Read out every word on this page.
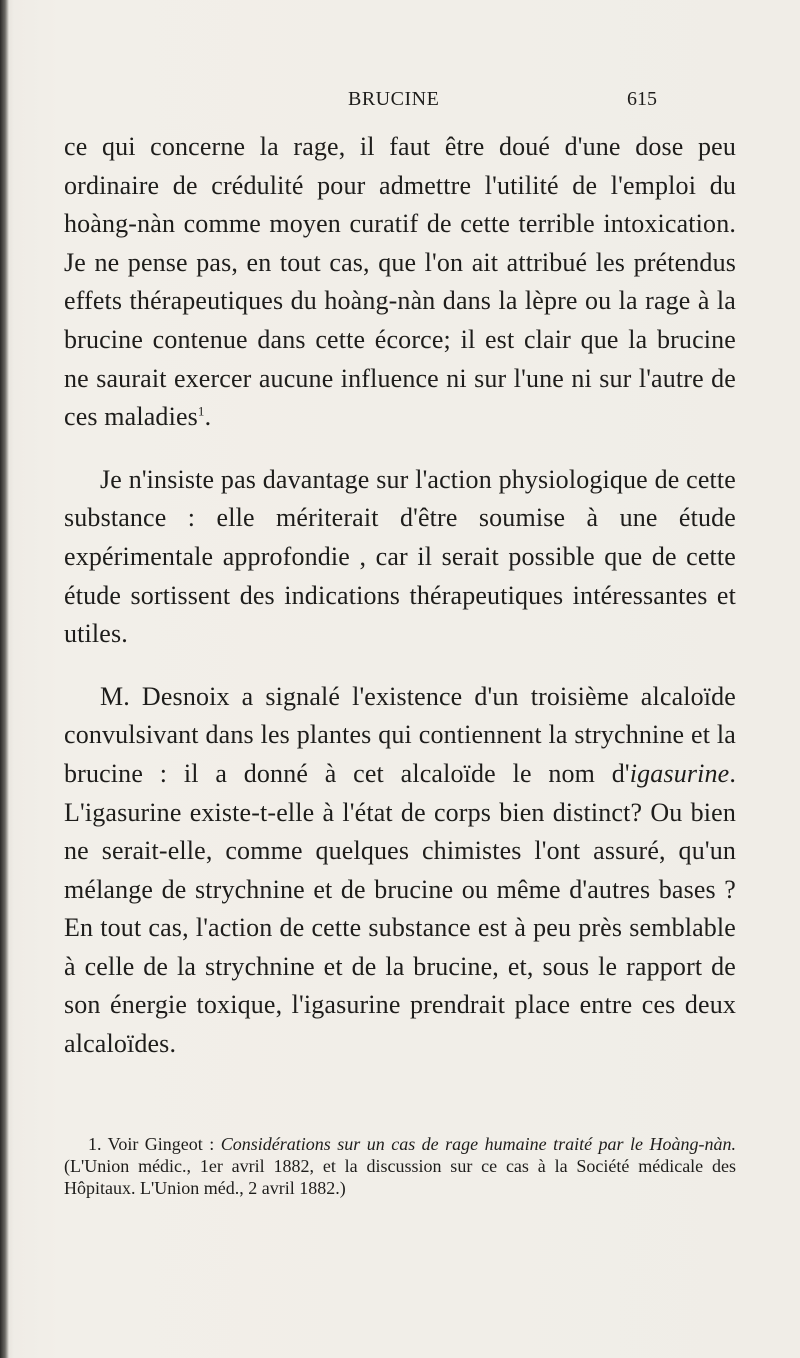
BRUCINE	615

ce qui concerne la rage, il faut être doué d'une dose peu ordinaire de crédulité pour admettre l'utilité de l'emploi du hoàng-nàn comme moyen curatif de cette terrible intoxication. Je ne pense pas, en tout cas, que l'on ait attribué les prétendus effets thérapeutiques du hoàng-nàn dans la lèpre ou la rage à la brucine contenue dans cette écorce; il est clair que la brucine ne saurait exercer aucune influence ni sur l'une ni sur l'autre de ces maladies$^1$.

Je n'insiste pas davantage sur l'action physiologique de cette substance : elle mériterait d'être soumise à une étude expérimentale approfondie , car il serait possible que de cette étude sortissent des indications thérapeutiques intéressantes et utiles.

M. Desnoix a signalé l'existence d'un troisième alcaloïde convulsivant dans les plantes qui contiennent la strychnine et la brucine : il a donné à cet alcaloïde le nom d'igasurine. L'igasurine existe-t-elle à l'état de corps bien distinct? Ou bien ne serait-elle, comme quelques chimistes l'ont assuré, qu'un mélange de strychnine et de brucine ou même d'autres bases ? En tout cas, l'action de cette substance est à peu près semblable à celle de la strychnine et de la brucine, et, sous le rapport de son énergie toxique, l'igasurine prendrait place entre ces deux alcaloïdes.

1. Voir Gingeot : Considérations sur un cas de rage humaine traité par le Hoàng-nàn. (L'Union médic., 1er avril 1882, et la discussion sur ce cas à la Société médicale des Hôpitaux. L'Union méd., 2 avril 1882.)
